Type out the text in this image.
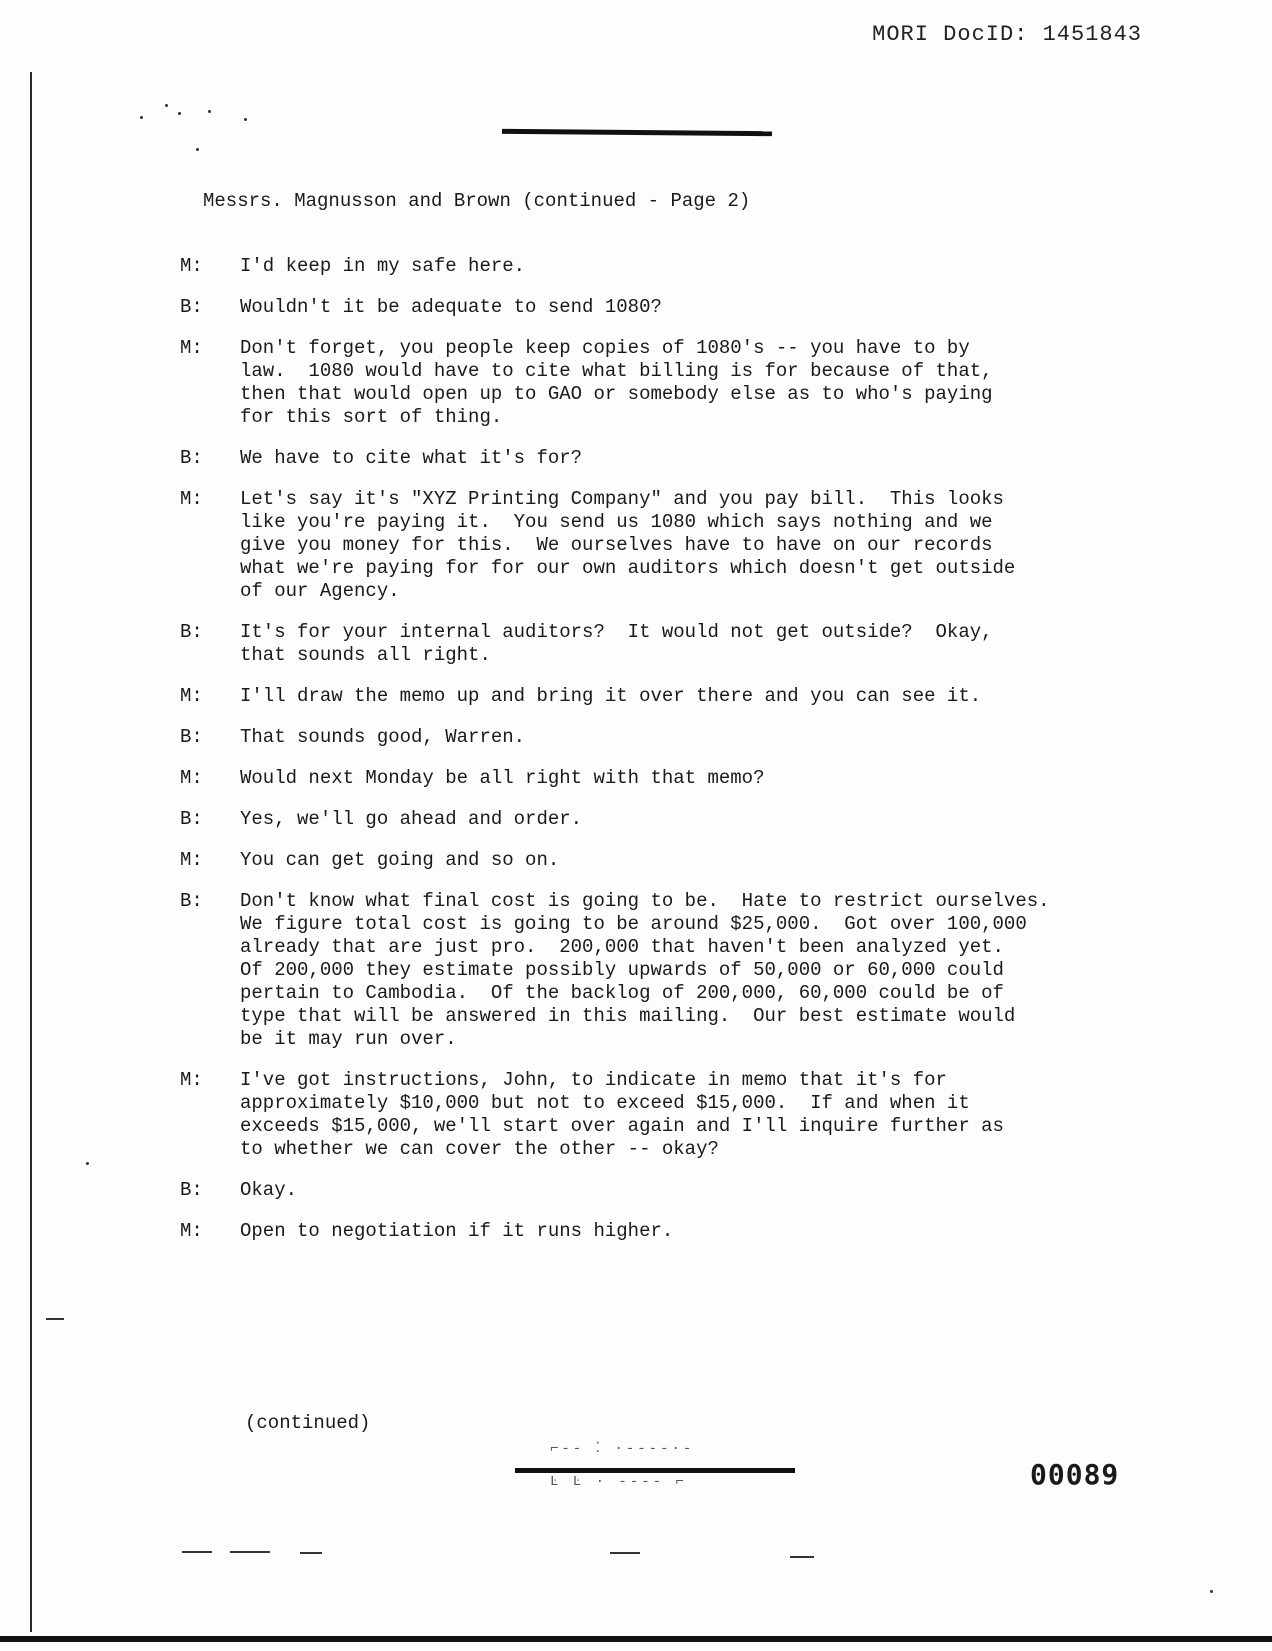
MORI DocID: 1451843
Messrs. Magnusson and Brown (continued - Page 2)
M:	I'd keep in my safe here.
B:	Wouldn't it be adequate to send 1080?
M:	Don't forget, you people keep copies of 1080's -- you have to by
law.  1080 would have to cite what billing is for because of that,
then that would open up to GAO or somebody else as to who's paying
for this sort of thing.
B:	We have to cite what it's for?
M:	Let's say it's "XYZ Printing Company" and you pay bill.  This looks
like you're paying it.  You send us 1080 which says nothing and we
give you money for this.  We ourselves have to have on our records
what we're paying for for our own auditors which doesn't get outside
of our Agency.
B:	It's for your internal auditors?  It would not get outside?  Okay,
that sounds all right.
M:	I'll draw the memo up and bring it over there and you can see it.
B:	That sounds good, Warren.
M:	Would next Monday be all right with that memo?
B:	Yes, we'll go ahead and order.
M:	You can get going and so on.
B:	Don't know what final cost is going to be.  Hate to restrict ourselves.
We figure total cost is going to be around $25,000.  Got over 100,000
already that are just pro.  200,000 that haven't been analyzed yet.
Of 200,000 they estimate possibly upwards of 50,000 or 60,000 could
pertain to Cambodia.  Of the backlog of 200,000, 60,000 could be of
type that will be answered in this mailing.  Our best estimate would
be it may run over.
M:	I've got instructions, John, to indicate in memo that it's for
approximately $10,000 but not to exceed $15,000.  If and when it
exceeds $15,000, we'll start over again and I'll inquire further as
to whether we can cover the other -- okay?
B:	Okay.
M:	Open to negotiation if it runs higher.
(continued)
⌐‑‑ ⁚ ·‑‑‑‑·‑
Ŀ Ŀ · ‑‑‑‑ ⌐	00089
